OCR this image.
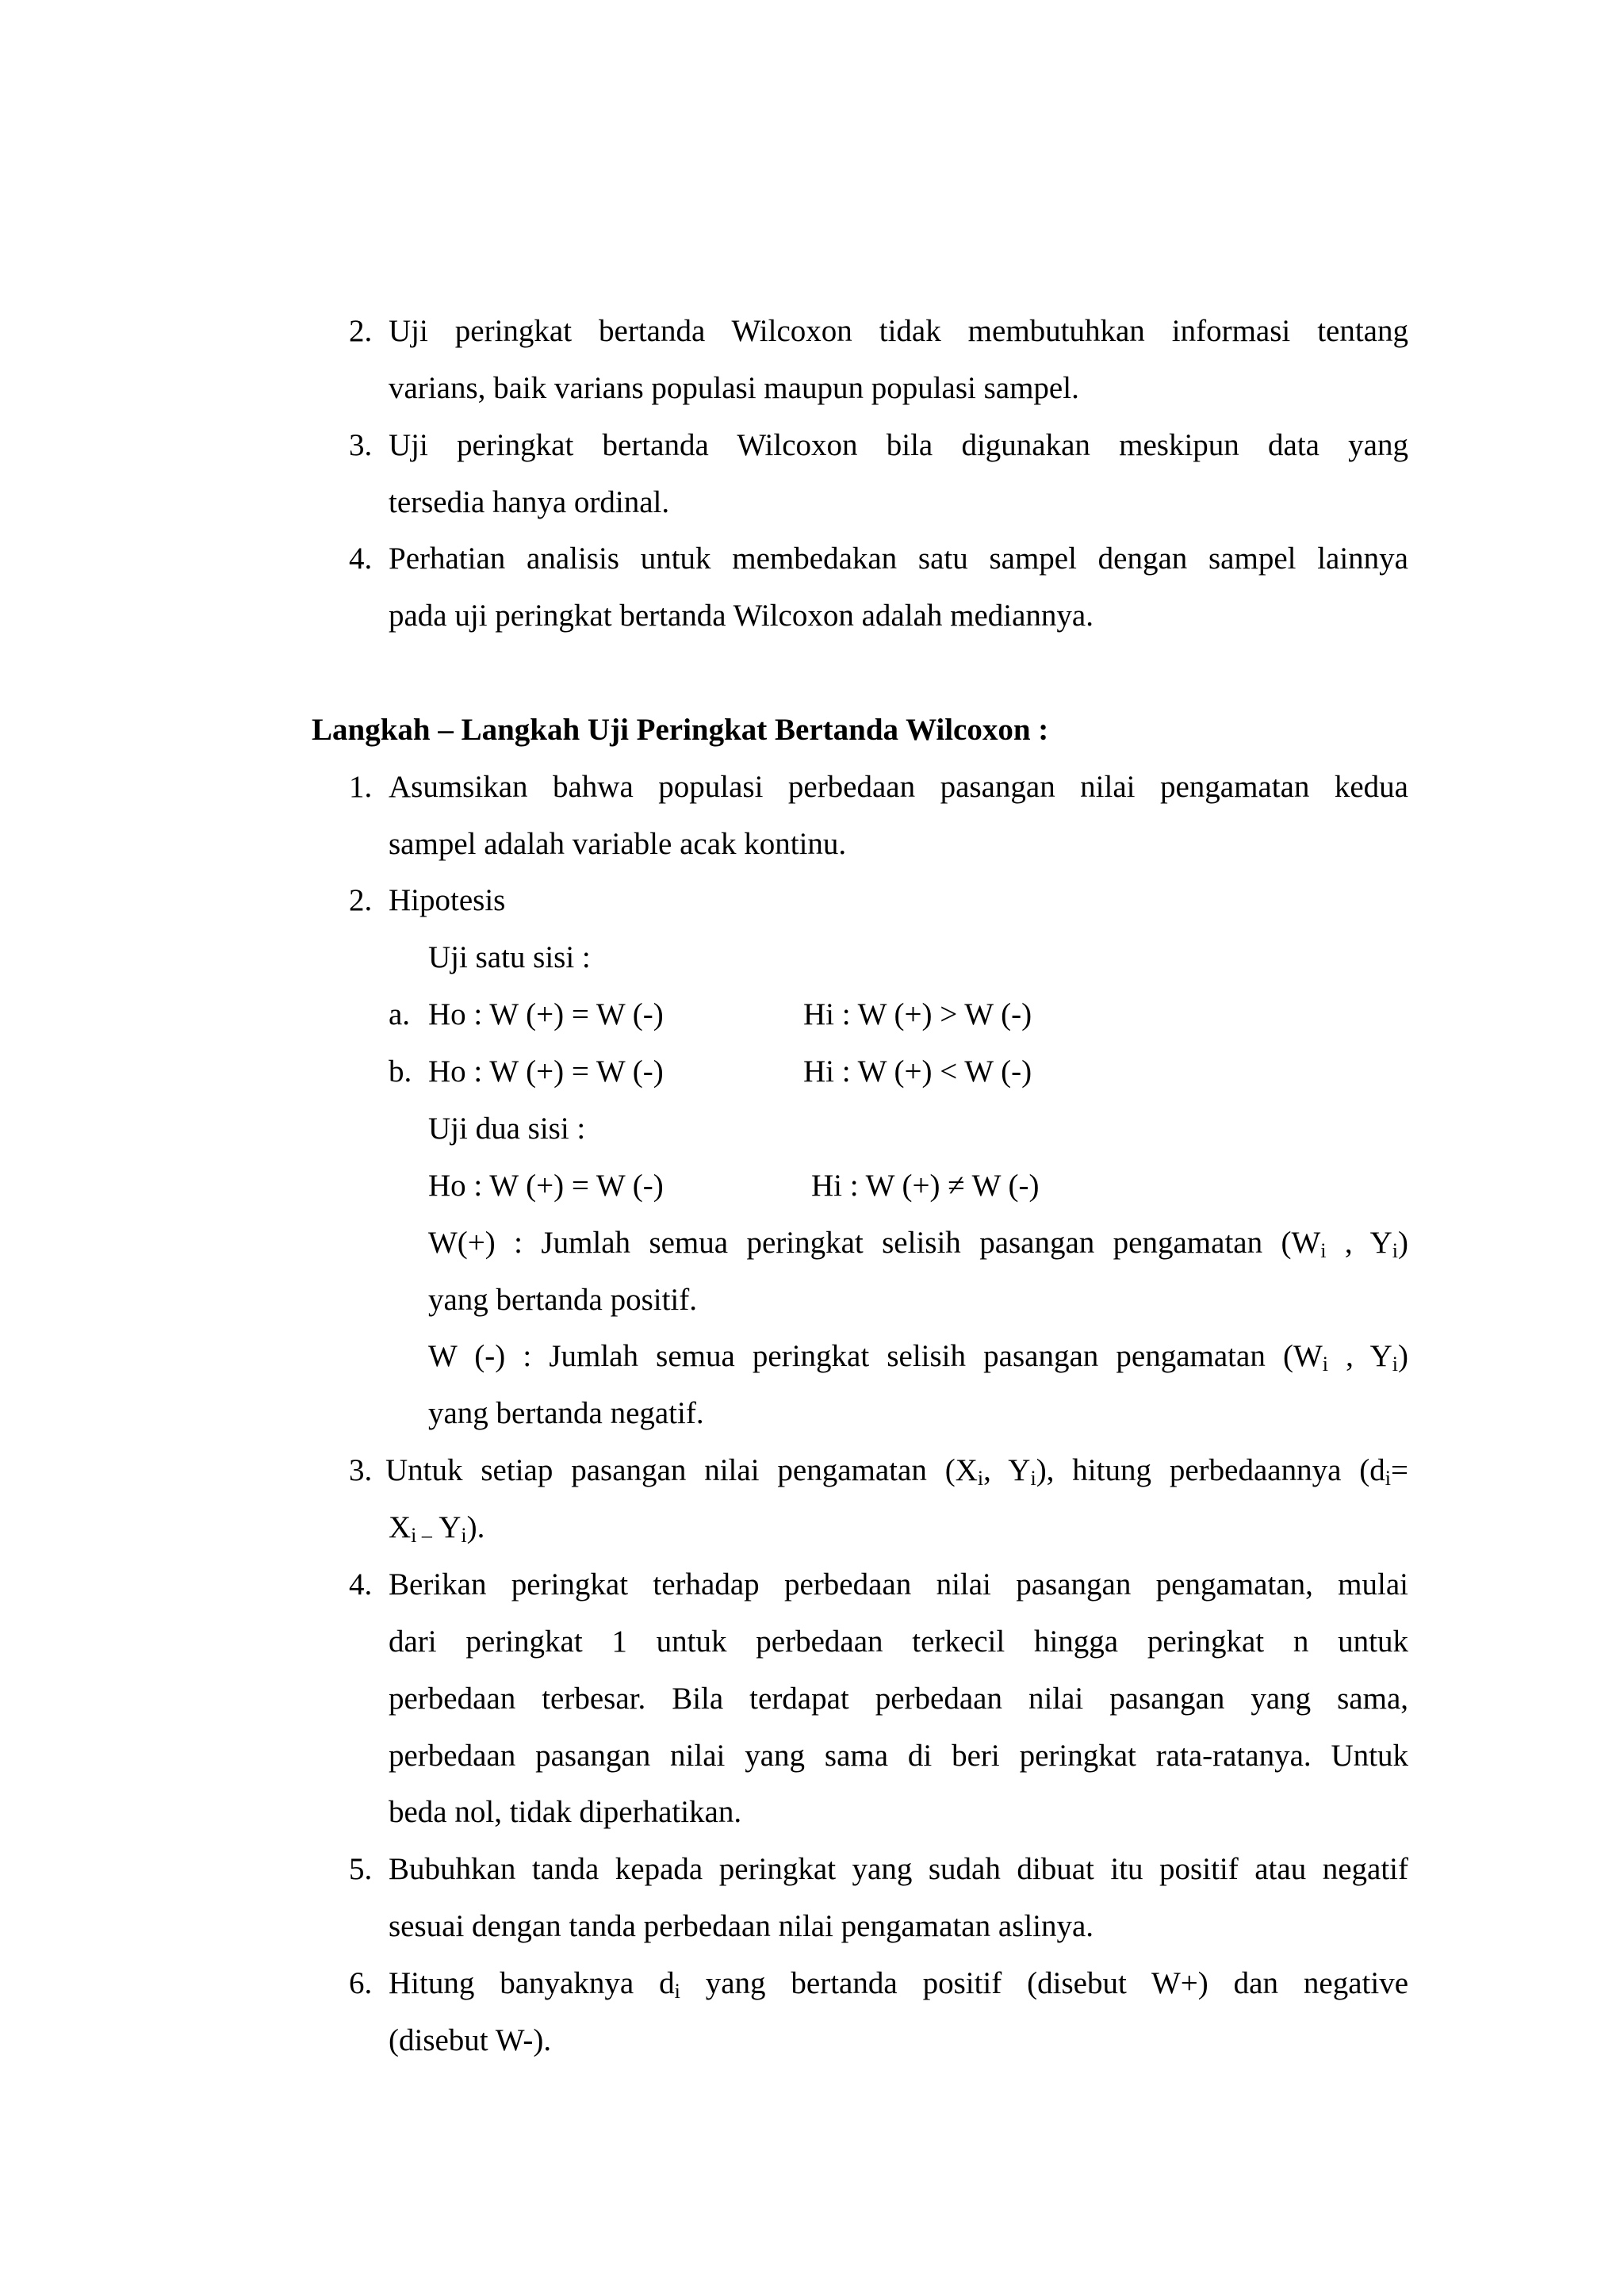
2. Uji peringkat bertanda Wilcoxon tidak membutuhkan informasi tentang
varians, baik varians populasi maupun populasi sampel.
3. Uji peringkat bertanda Wilcoxon bila digunakan meskipun data yang
tersedia hanya ordinal.
4. Perhatian analisis untuk membedakan satu sampel dengan sampel lainnya
pada uji peringkat bertanda Wilcoxon adalah mediannya.
Langkah – Langkah Uji Peringkat Bertanda Wilcoxon :
1. Asumsikan bahwa populasi perbedaan pasangan nilai pengamatan kedua
sampel adalah variable acak kontinu.
2. Hipotesis
Uji satu sisi :
a. Ho : W (+) = W (-)	Hi : W (+) > W (-)
b. Ho : W (+) = W (-)	Hi : W (+) < W (-)
Uji dua sisi :
Ho : W (+) = W (-)	Hi : W (+) ≠ W (-)
W(+) : Jumlah semua peringkat selisih pasangan pengamatan ($W_i$ , $Y_i$)
yang bertanda positif.
W (-) : Jumlah semua peringkat selisih pasangan pengamatan ($W_i$ , $Y_i$)
yang bertanda negatif.
3. Untuk setiap pasangan nilai pengamatan ($X_i$, $Y_i$), hitung perbedaannya ($d_i=$
$X_{i -}$ $Y_i$).
4. Berikan peringkat terhadap perbedaan nilai pasangan pengamatan, mulai
dari peringkat 1 untuk perbedaan terkecil hingga peringkat n untuk
perbedaan terbesar. Bila terdapat perbedaan nilai pasangan yang sama,
perbedaan pasangan nilai yang sama di beri peringkat rata-ratanya. Untuk
beda nol, tidak diperhatikan.
5. Bubuhkan tanda kepada peringkat yang sudah dibuat itu positif atau negatif
sesuai dengan tanda perbedaan nilai pengamatan aslinya.
6. Hitung banyaknya $d_i$ yang bertanda positif (disebut W+) dan negative
(disebut W-).
